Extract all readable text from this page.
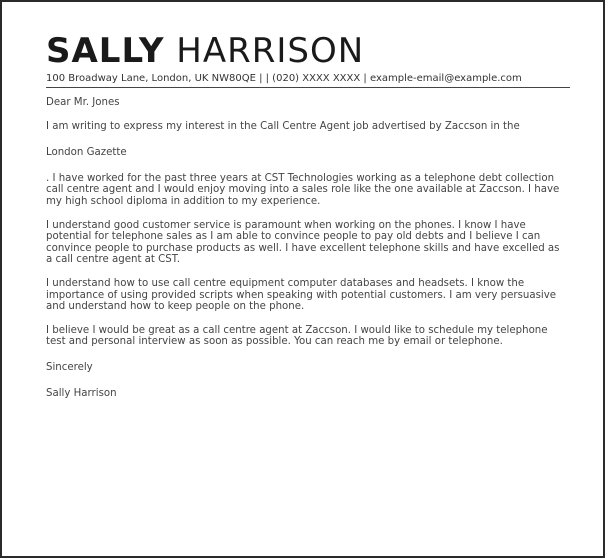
SALLY HARRISON
100 Broadway Lane, London, UK NW80QE | | (020) XXXX XXXX | example-email@example.com

Dear Mr. Jones

I am writing to express my interest in the Call Centre Agent job advertised by Zaccson in the

London Gazette

. I have worked for the past three years at CST Technologies working as a telephone debt collection call centre agent and I would enjoy moving into a sales role like the one available at Zaccson. I have my high school diploma in addition to my experience.

I understand good customer service is paramount when working on the phones. I know I have potential for telephone sales as I am able to convince people to pay old debts and I believe I can convince people to purchase products as well. I have excellent telephone skills and have excelled as a call centre agent at CST.

I understand how to use call centre equipment computer databases and headsets. I know the importance of using provided scripts when speaking with potential customers. I am very persuasive and understand how to keep people on the phone.

I believe I would be great as a call centre agent at Zaccson. I would like to schedule my telephone test and personal interview as soon as possible. You can reach me by email or telephone.

Sincerely

Sally Harrison
